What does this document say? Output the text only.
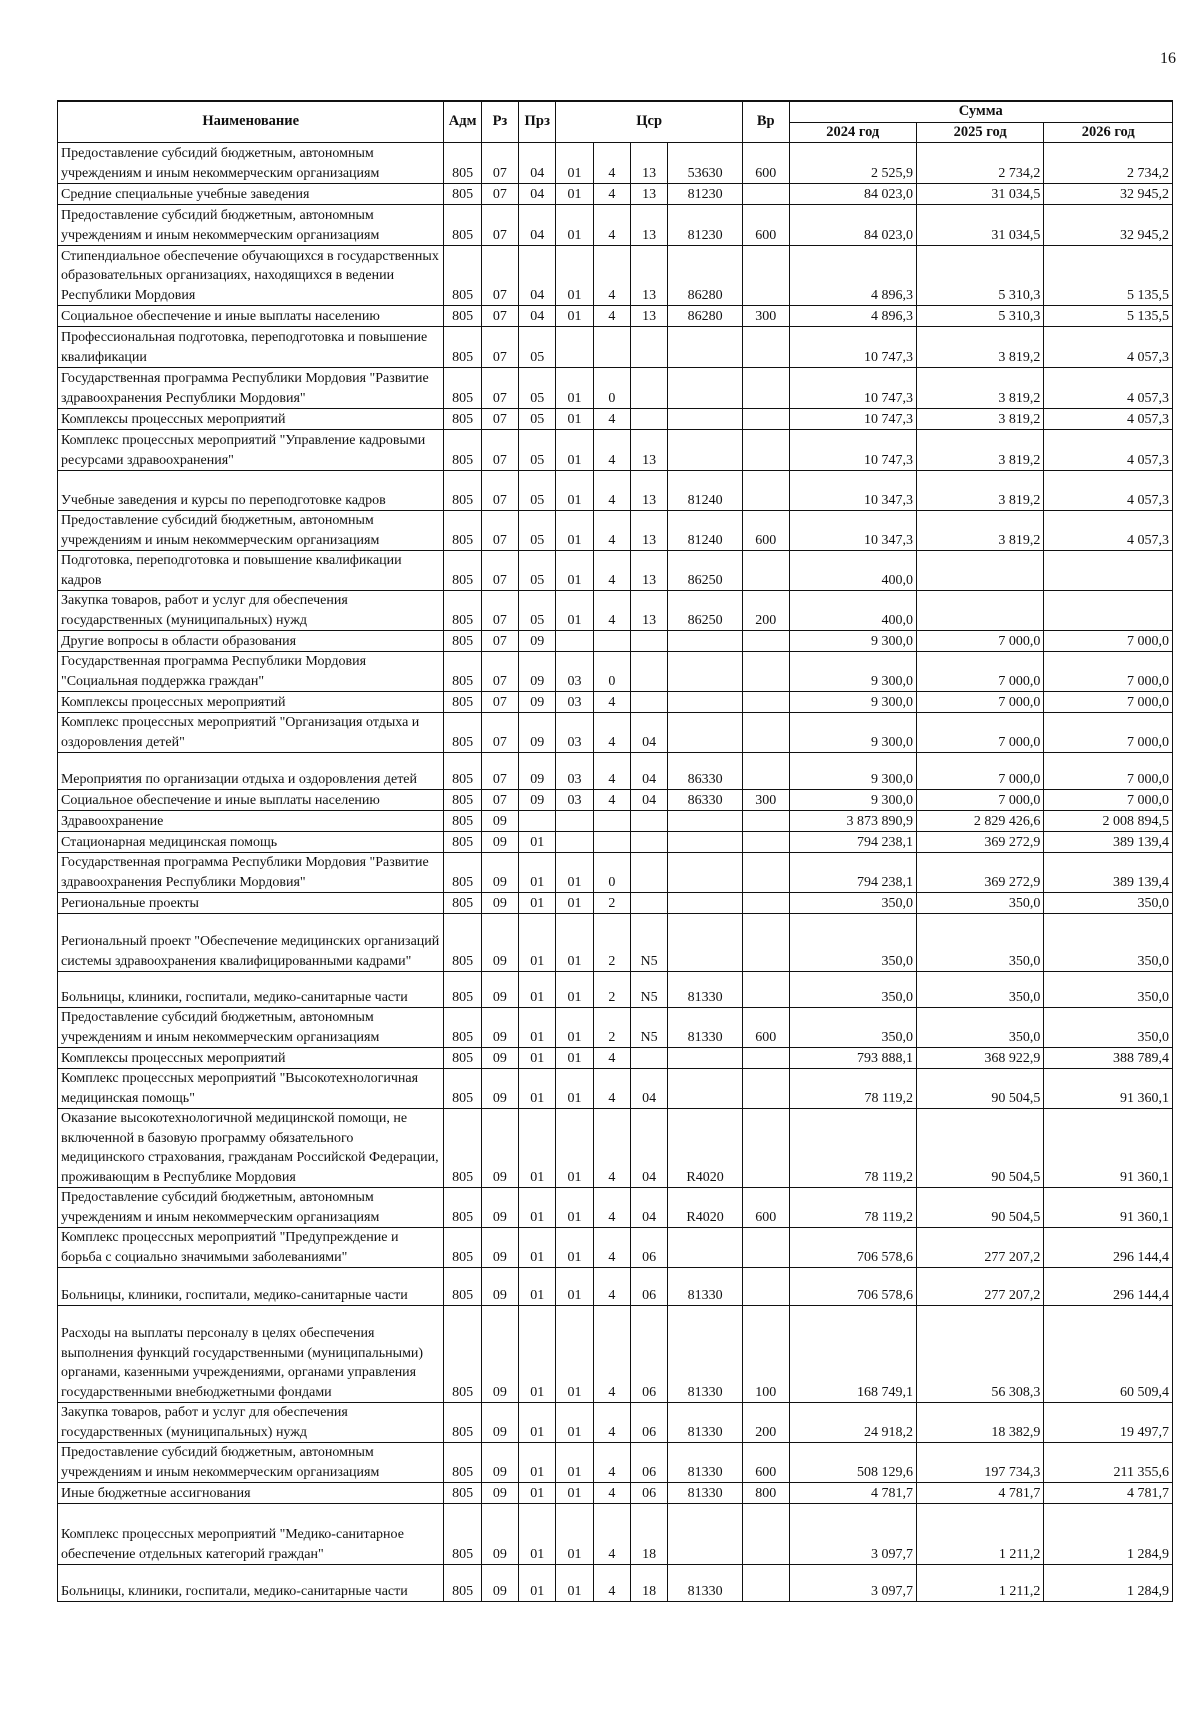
16
Наименование	Адм	Рз	Прз	Цср				Вр	Сумма		
									2024 год	2025 год	2026 год
Предоставление субсидий бюджетным, автономным учреждениям и иным некоммерческим организациям	805	07	04	01	4	13	53630	600	2 525,9	2 734,2	2 734,2
Средние специальные учебные заведения	805	07	04	01	4	13	81230		84 023,0	31 034,5	32 945,2
Предоставление субсидий бюджетным, автономным учреждениям и иным некоммерческим организациям	805	07	04	01	4	13	81230	600	84 023,0	31 034,5	32 945,2
Стипендиальное обеспечение обучающихся в государственных образовательных организациях, находящихся в ведении Республики Мордовия	805	07	04	01	4	13	86280		4 896,3	5 310,3	5 135,5
Социальное обеспечение и иные выплаты населению	805	07	04	01	4	13	86280	300	4 896,3	5 310,3	5 135,5
Профессиональная подготовка, переподготовка и повышение квалификации	805	07	05						10 747,3	3 819,2	4 057,3
Государственная программа Республики Мордовия "Развитие здравоохранения Республики Мордовия"	805	07	05	01	0				10 747,3	3 819,2	4 057,3
Комплексы процессных мероприятий	805	07	05	01	4				10 747,3	3 819,2	4 057,3
Комплекс процессных мероприятий "Управление кадровыми ресурсами здравоохранения"	805	07	05	01	4	13			10 747,3	3 819,2	4 057,3
Учебные заведения и курсы по переподготовке кадров	805	07	05	01	4	13	81240		10 347,3	3 819,2	4 057,3
Предоставление субсидий бюджетным, автономным учреждениям и иным некоммерческим организациям	805	07	05	01	4	13	81240	600	10 347,3	3 819,2	4 057,3
Подготовка, переподготовка и повышение квалификации кадров	805	07	05	01	4	13	86250		400,0		
Закупка товаров, работ и услуг для обеспечения государственных (муниципальных) нужд	805	07	05	01	4	13	86250	200	400,0		
Другие вопросы в области образования	805	07	09						9 300,0	7 000,0	7 000,0
Государственная программа Республики Мордовия "Социальная поддержка граждан"	805	07	09	03	0				9 300,0	7 000,0	7 000,0
Комплексы процессных мероприятий	805	07	09	03	4				9 300,0	7 000,0	7 000,0
Комплекс процессных мероприятий "Организация отдыха и оздоровления детей"	805	07	09	03	4	04			9 300,0	7 000,0	7 000,0
Мероприятия по организации отдыха и оздоровления детей	805	07	09	03	4	04	86330		9 300,0	7 000,0	7 000,0
Социальное обеспечение и иные выплаты населению	805	07	09	03	4	04	86330	300	9 300,0	7 000,0	7 000,0
Здравоохранение	805	09							3 873 890,9	2 829 426,6	2 008 894,5
Стационарная медицинская помощь	805	09	01						794 238,1	369 272,9	389 139,4
Государственная программа Республики Мордовия "Развитие здравоохранения Республики Мордовия"	805	09	01	01	0				794 238,1	369 272,9	389 139,4
Региональные проекты	805	09	01	01	2				350,0	350,0	350,0
Региональный проект "Обеспечение медицинских организаций системы здравоохранения квалифицированными кадрами"	805	09	01	01	2	N5			350,0	350,0	350,0
Больницы, клиники, госпитали, медико-санитарные части	805	09	01	01	2	N5	81330		350,0	350,0	350,0
Предоставление субсидий бюджетным, автономным учреждениям и иным некоммерческим организациям	805	09	01	01	2	N5	81330	600	350,0	350,0	350,0
Комплексы процессных мероприятий	805	09	01	01	4				793 888,1	368 922,9	388 789,4
Комплекс процессных мероприятий "Высокотехнологичная медицинская помощь"	805	09	01	01	4	04			78 119,2	90 504,5	91 360,1
Оказание высокотехнологичной медицинской помощи, не включенной в базовую программу обязательного медицинского страхования, гражданам Российской Федерации, проживающим в Республике Мордовия	805	09	01	01	4	04	R4020		78 119,2	90 504,5	91 360,1
Предоставление субсидий бюджетным, автономным учреждениям и иным некоммерческим организациям	805	09	01	01	4	04	R4020	600	78 119,2	90 504,5	91 360,1
Комплекс процессных мероприятий "Предупреждение и борьба с социально значимыми заболеваниями"	805	09	01	01	4	06			706 578,6	277 207,2	296 144,4
Больницы, клиники, госпитали, медико-санитарные части	805	09	01	01	4	06	81330		706 578,6	277 207,2	296 144,4
Расходы на выплаты персоналу в целях обеспечения выполнения функций государственными (муниципальными) органами, казенными учреждениями, органами управления государственными внебюджетными фондами	805	09	01	01	4	06	81330	100	168 749,1	56 308,3	60 509,4
Закупка товаров, работ и услуг для обеспечения государственных (муниципальных) нужд	805	09	01	01	4	06	81330	200	24 918,2	18 382,9	19 497,7
Предоставление субсидий бюджетным, автономным учреждениям и иным некоммерческим организациям	805	09	01	01	4	06	81330	600	508 129,6	197 734,3	211 355,6
Иные бюджетные ассигнования	805	09	01	01	4	06	81330	800	4 781,7	4 781,7	4 781,7
Комплекс процессных мероприятий "Медико-санитарное обеспечение отдельных категорий граждан"	805	09	01	01	4	18			3 097,7	1 211,2	1 284,9
Больницы, клиники, госпитали, медико-санитарные части	805	09	01	01	4	18	81330		3 097,7	1 211,2	1 284,9
